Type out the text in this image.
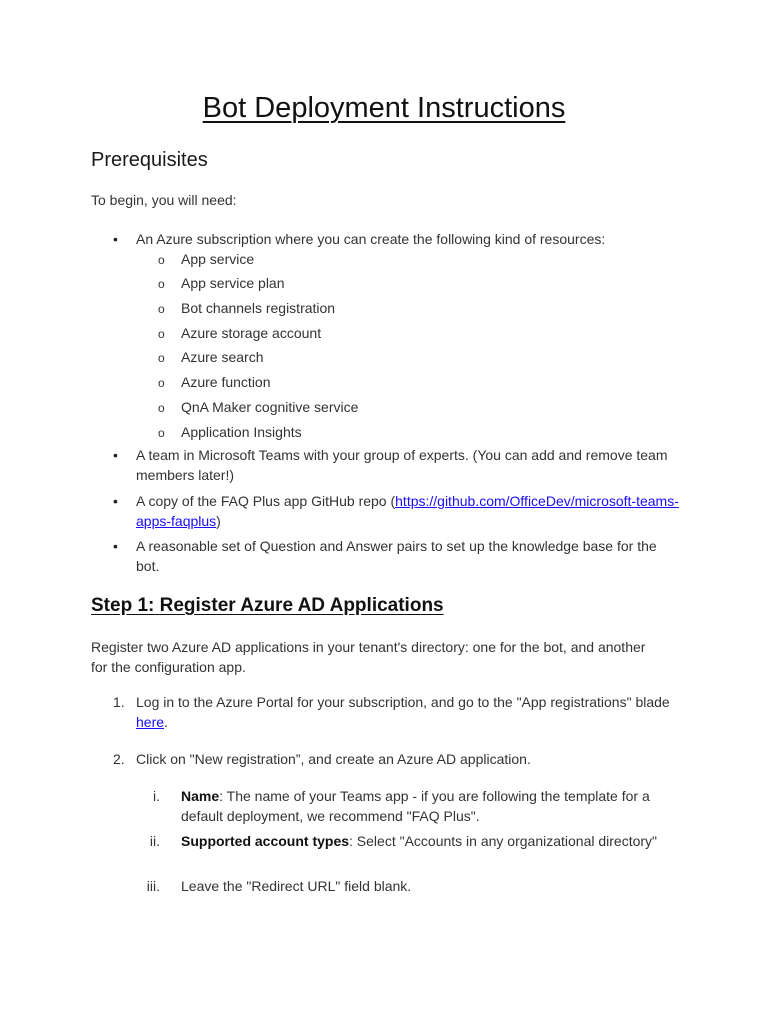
Bot Deployment Instructions
Prerequisites
To begin, you will need:
• An Azure subscription where you can create the following kind of resources:
o App service
o App service plan
o Bot channels registration
o Azure storage account
o Azure search
o Azure function
o QnA Maker cognitive service
o Application Insights
• A team in Microsoft Teams with your group of experts. (You can add and remove team members later!)
• A copy of the FAQ Plus app GitHub repo (https://github.com/OfficeDev/microsoft-teams-apps-faqplus)
• A reasonable set of Question and Answer pairs to set up the knowledge base for the bot.
Step 1: Register Azure AD Applications
Register two Azure AD applications in your tenant's directory: one for the bot, and another for the configuration app.
1. Log in to the Azure Portal for your subscription, and go to the "App registrations" blade here.
2. Click on "New registration”, and create an Azure AD application.
i. Name: The name of your Teams app - if you are following the template for a default deployment, we recommend "FAQ Plus".
ii. Supported account types: Select "Accounts in any organizational directory"
iii. Leave the "Redirect URL" field blank.
